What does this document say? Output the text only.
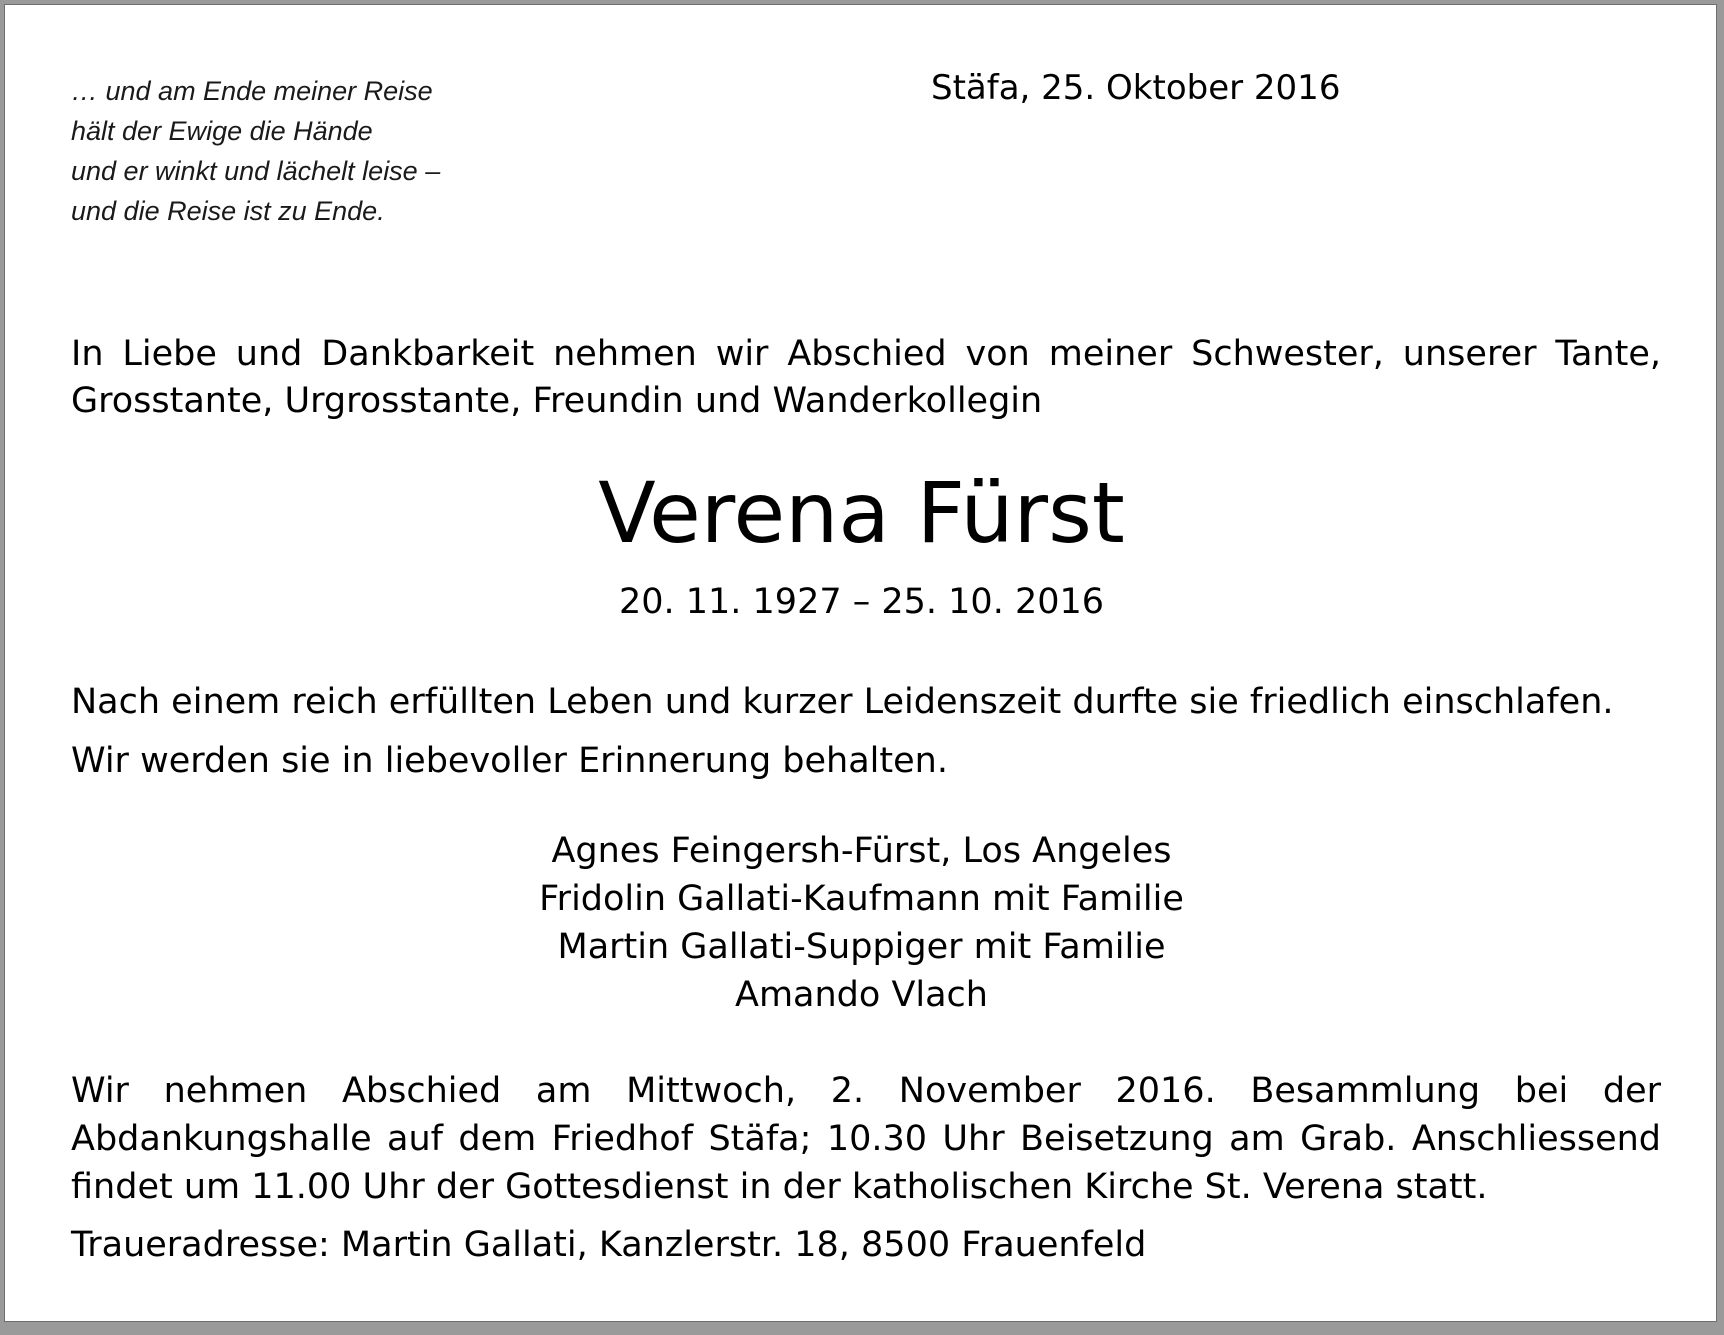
… und am Ende meiner Reise
hält der Ewige die Hände
und er winkt und lächelt leise –
und die Reise ist zu Ende.
Stäfa, 25. Oktober 2016
In Liebe und Dankbarkeit nehmen wir Abschied von meiner Schwester, unserer Tante,
Grosstante, Urgrosstante, Freundin und Wanderkollegin
Verena Fürst
20. 11. 1927 – 25. 10. 2016
Nach einem reich erfüllten Leben und kurzer Leidenszeit durfte sie friedlich einschlafen.
Wir werden sie in liebevoller Erinnerung behalten.
Agnes Feingersh-Fürst, Los Angeles
Fridolin Gallati-Kaufmann mit Familie
Martin Gallati-Suppiger mit Familie
Amando Vlach
Wir nehmen Abschied am Mittwoch, 2. November 2016. Besammlung bei der
Abdankungshalle auf dem Friedhof Stäfa; 10.30 Uhr Beisetzung am Grab. Anschliessend
findet um 11.00 Uhr der Gottesdienst in der katholischen Kirche St. Verena statt.
Traueradresse: Martin Gallati, Kanzlerstr. 18, 8500 Frauenfeld
